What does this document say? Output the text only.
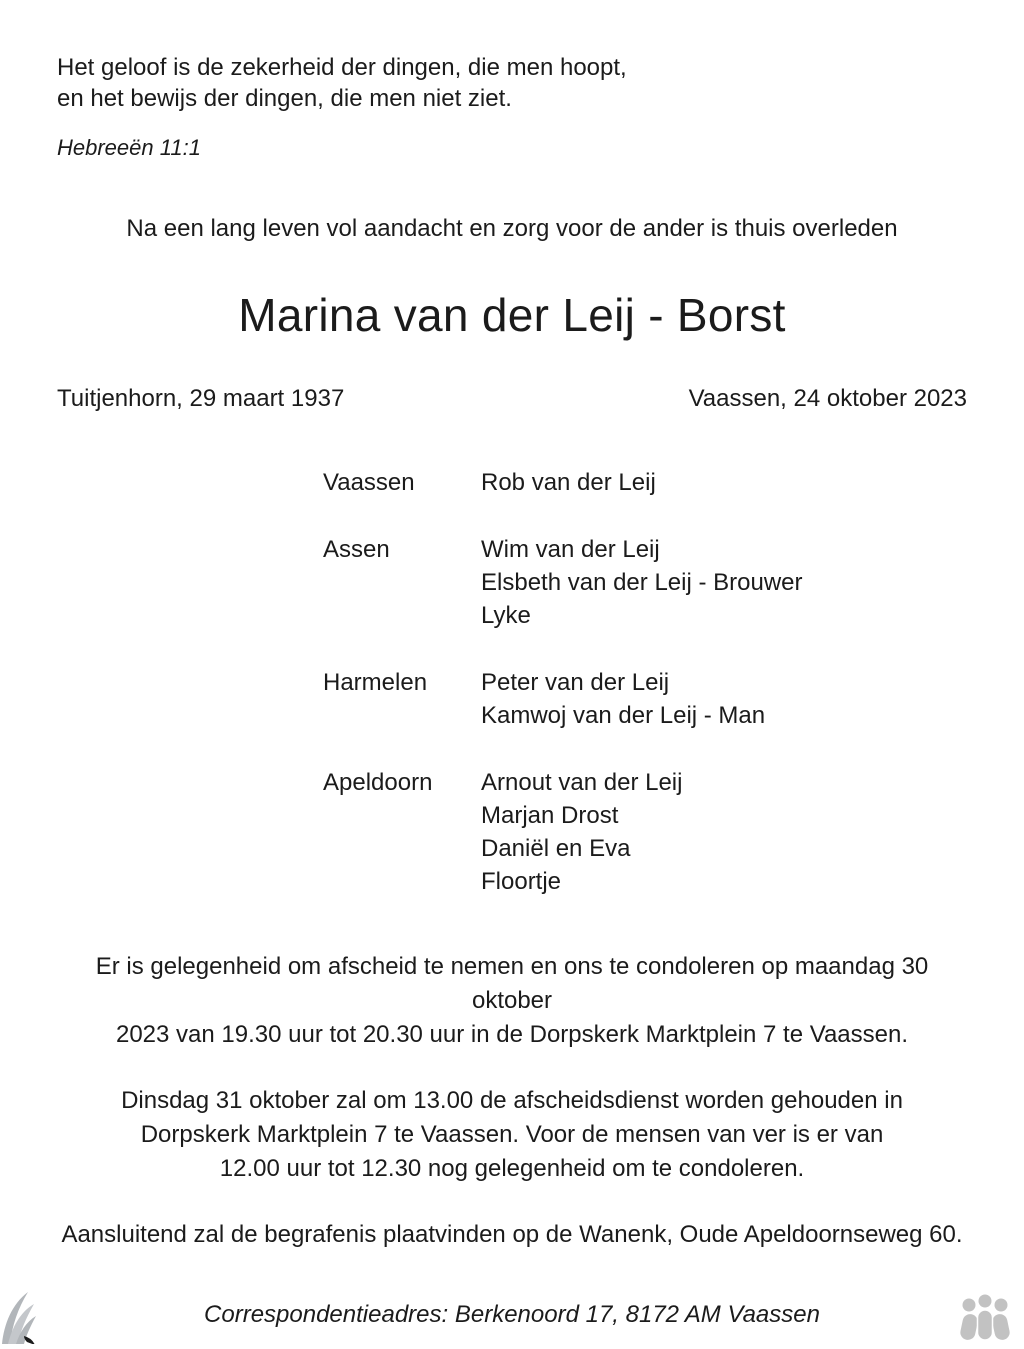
Het geloof is de zekerheid der dingen, die men hoopt,
en het bewijs der dingen, die men niet ziet.
Hebreeën 11:1
Na een lang leven vol aandacht en zorg voor de ander is thuis overleden
Marina van der Leij - Borst
Tuitjenhorn, 29 maart 1937	Vaassen, 24 oktober 2023
Vaassen	Rob van der Leij
Assen	Wim van der Leij
Elsbeth van der Leij - Brouwer
Lyke
Harmelen	Peter van der Leij
Kamwoj van der Leij - Man
Apeldoorn	Arnout van der Leij
Marjan Drost
Daniël en Eva
Floortje
Er is gelegenheid om afscheid te nemen en ons te condoleren op maandag 30 oktober
2023 van 19.30 uur tot 20.30 uur in de Dorpskerk Marktplein 7 te Vaassen.
Dinsdag 31 oktober zal om 13.00 de afscheidsdienst worden gehouden in
Dorpskerk Marktplein 7 te Vaassen. Voor de mensen van ver is er van
12.00 uur tot 12.30 nog gelegenheid om te condoleren.
Aansluitend zal de begrafenis plaatvinden op de Wanenk, Oude Apeldoornseweg 60.
Correspondentieadres: Berkenoord 17, 8172 AM Vaassen
